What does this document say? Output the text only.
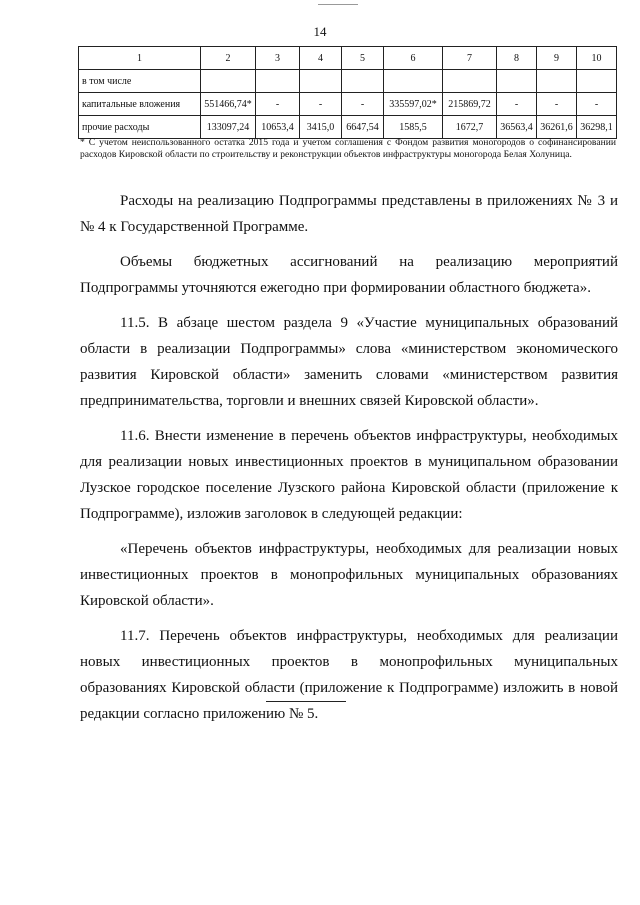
14
1	2	3	4	5	6	7	8	9	10
в том числе									
капитальные вложения	551466,74*	-	-	-	335597,02*	215869,72	-	-	-
прочие расходы	133097,24	10653,4	3415,0	6647,54	1585,5	1672,7	36563,4	36261,6	36298,1
* С учетом неиспользованного остатка 2015 года и учетом соглашения с Фондом развития моногородов о софинансировании расходов Кировской области по строительству и реконструкции объектов инфраструктуры моногорода Белая Холуница.

Расходы на реализацию Подпрограммы представлены в приложениях № 3 и № 4 к Государственной Программе.

Объемы бюджетных ассигнований на реализацию мероприятий Подпрограммы уточняются ежегодно при формировании областного бюджета».

11.5. В абзаце шестом раздела 9 «Участие муниципальных образований области в реализации Подпрограммы» слова «министерством экономического развития Кировской области» заменить словами «министерством развития предпринимательства, торговли и внешних связей Кировской области».

11.6. Внести изменение в перечень объектов инфраструктуры, необходимых для реализации новых инвестиционных проектов в муниципальном образовании Лузское городское поселение Лузского района Кировской области (приложение к Подпрограмме), изложив заголовок в следующей редакции:

«Перечень объектов инфраструктуры, необходимых для реализации новых инвестиционных проектов в монопрофильных муниципальных образованиях Кировской области».

11.7. Перечень объектов инфраструктуры, необходимых для реализации новых инвестиционных проектов в монопрофильных муниципальных образованиях Кировской области (приложение к Подпрограмме) изложить в новой редакции согласно приложению № 5.
